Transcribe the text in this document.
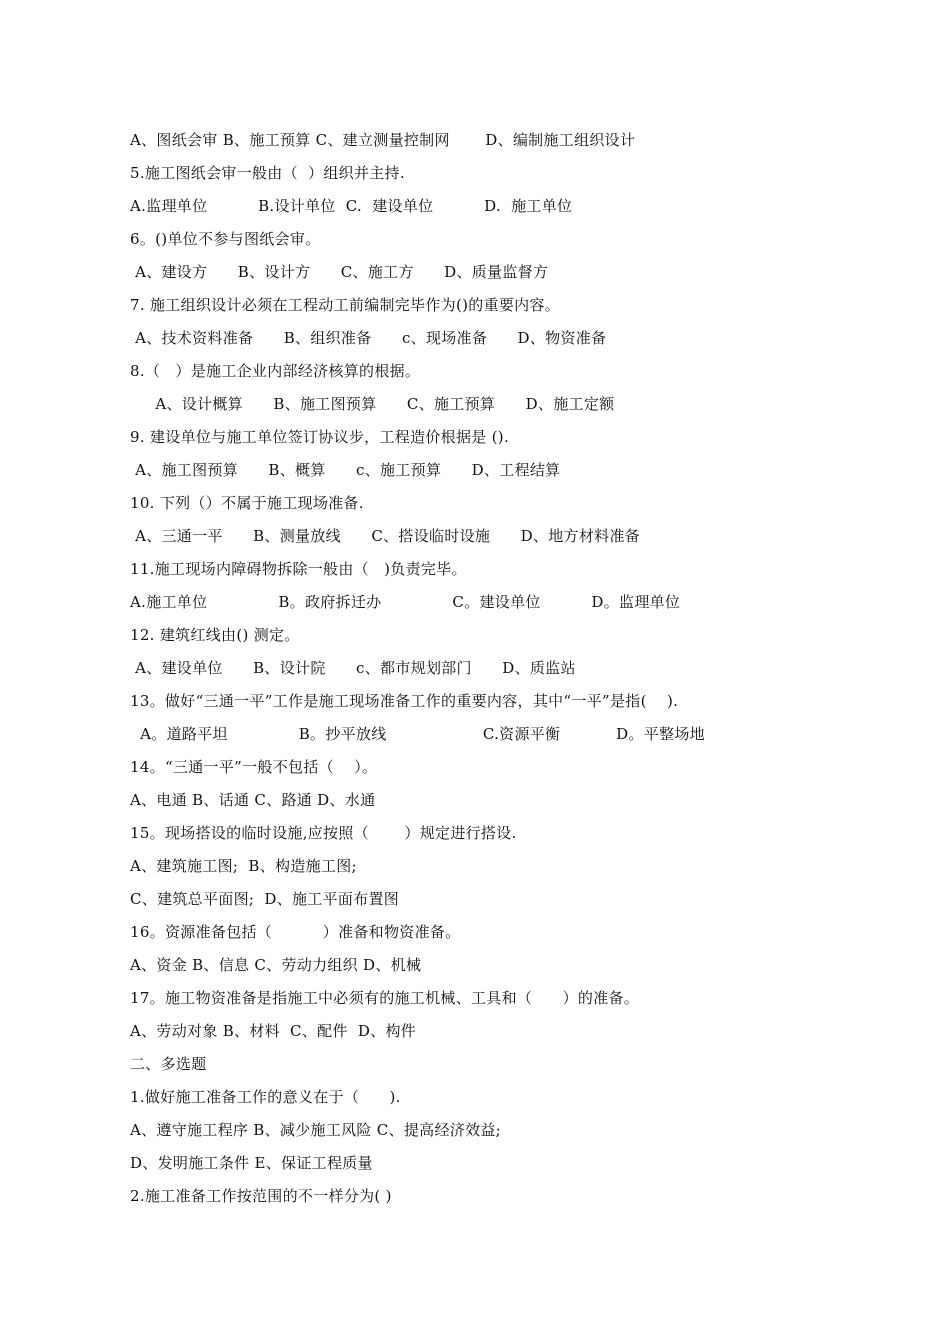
A、图纸会审 B、施工预算 C、建立测量控制网       D、编制施工组织设计
5.施工图纸会审一般由（  ）组织并主持.
A.监理单位          B.设计单位  C.  建设单位          D.  施工单位
6。()单位不参与图纸会审。
A、建设方      B、设计方      C、施工方      D、质量监督方
7. 施工组织设计必须在工程动工前编制完毕作为()的重要内容。
A、技术资料准备      B、组织准备      c、现场准备      D、物资准备
8.（   ）是施工企业内部经济核算的根据。
A、设计概算      B、施工图预算      C、施工预算      D、施工定额
9. 建设单位与施工单位签订协议步，工程造价根据是 ().
A、施工图预算      B、概算      c、施工预算      D、工程结算
10. 下列（）不属于施工现场准备.
A、三通一平      B、测量放线      C、搭设临时设施      D、地方材料准备
11.施工现场内障碍物拆除一般由（   )负责完毕。
A.施工单位              B。政府拆迁办              C。建设单位          D。监理单位
12. 建筑红线由() 测定。
A、建设单位      B、设计院      c、都市规划部门      D、质监站
13。做好“三通一平”工作是施工现场准备工作的重要内容，其中“一平”是指(    ).
A。道路平坦              B。抄平放线                   C.资源平衡           D。平整场地
14。“三通一平”一般不包括（    ）。
A、电通 B、话通 C、路通 D、水通
15。现场搭设的临时设施,应按照（       ）规定进行搭设.
A、建筑施工图;  B、构造施工图;
C、建筑总平面图;  D、施工平面布置图
16。资源准备包括（          ）准备和物资准备。
A、资金 B、信息 C、劳动力组织 D、机械
17。施工物资准备是指施工中必须有的施工机械、工具和（      ）的准备。
A、劳动对象 B、材料  C、配件  D、构件
二、多选题
1.做好施工准备工作的意义在于（      ).
A、遵守施工程序 B、减少施工风险 C、提高经济效益;
D、发明施工条件 E、保证工程质量
2.施工准备工作按范围的不一样分为( )
